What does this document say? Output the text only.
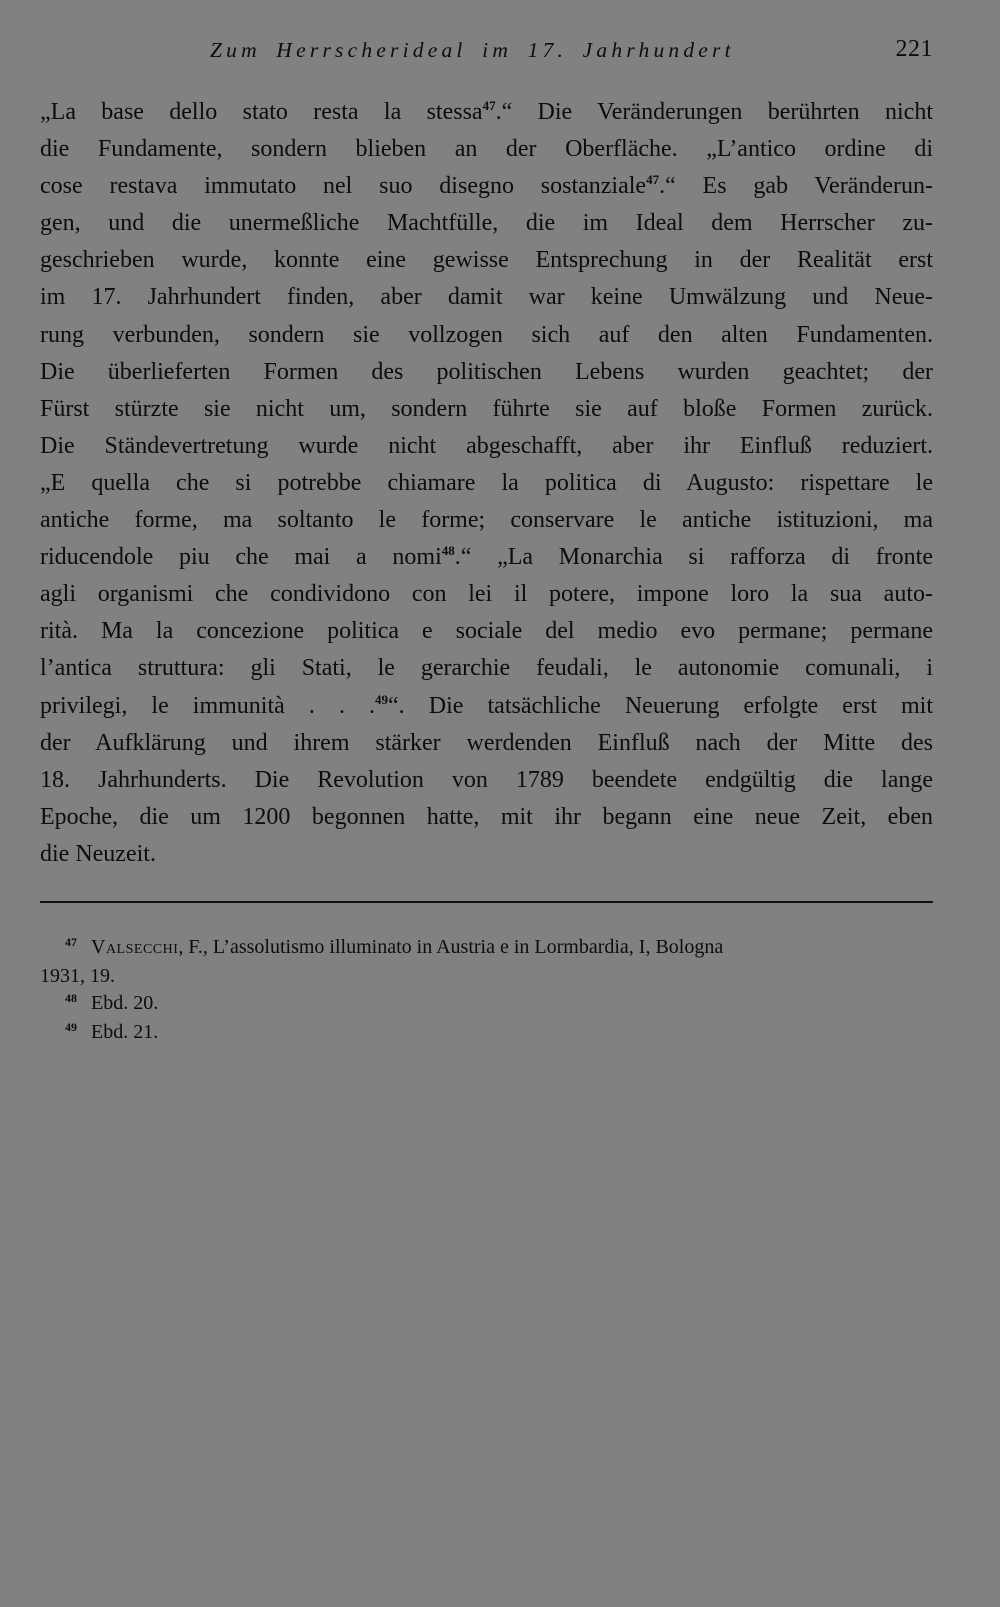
Zum Herrscherideal im 17. Jahrhundert	221
„La base dello stato resta la stessa$^{47}$.“ Die Veränderungen berührten nicht
die Fundamente, sondern blieben an der Oberfläche. „L’antico ordine di
cose restava immutato nel suo disegno sostanziale$^{47}$.“ Es gab Veränderun-
gen, und die unermeßliche Machtfülle, die im Ideal dem Herrscher zu-
geschrieben wurde, konnte eine gewisse Entsprechung in der Realität erst
im 17. Jahrhundert finden, aber damit war keine Umwälzung und Neue-
rung verbunden, sondern sie vollzogen sich auf den alten Fundamenten.
Die überlieferten Formen des politischen Lebens wurden geachtet; der
Fürst stürzte sie nicht um, sondern führte sie auf bloße Formen zurück.
Die Ständevertretung wurde nicht abgeschafft, aber ihr Einfluß reduziert.
„E quella che si potrebbe chiamare la politica di Augusto: rispettare le
antiche forme, ma soltanto le forme; conservare le antiche istituzioni, ma
riducendole piu che mai a nomi$^{48}$.“ „La Monarchia si rafforza di fronte
agli organismi che condividono con lei il potere, impone loro la sua auto-
rità. Ma la concezione politica e sociale del medio evo permane; permane
l’antica struttura: gli Stati, le gerarchie feudali, le autonomie comunali, i
privilegi, le immunità . . .$^{49}$“. Die tatsächliche Neuerung erfolgte erst mit
der Aufklärung und ihrem stärker werdenden Einfluß nach der Mitte des
18. Jahrhunderts. Die Revolution von 1789 beendete endgültig die lange
Epoche, die um 1200 begonnen hatte, mit ihr begann eine neue Zeit, eben
die Neuzeit.
47 Valsecchi, F., L’assolutismo illuminato in Austria e in Lormbardia, I, Bologna
1931, 19.
48 Ebd. 20.
49 Ebd. 21.
